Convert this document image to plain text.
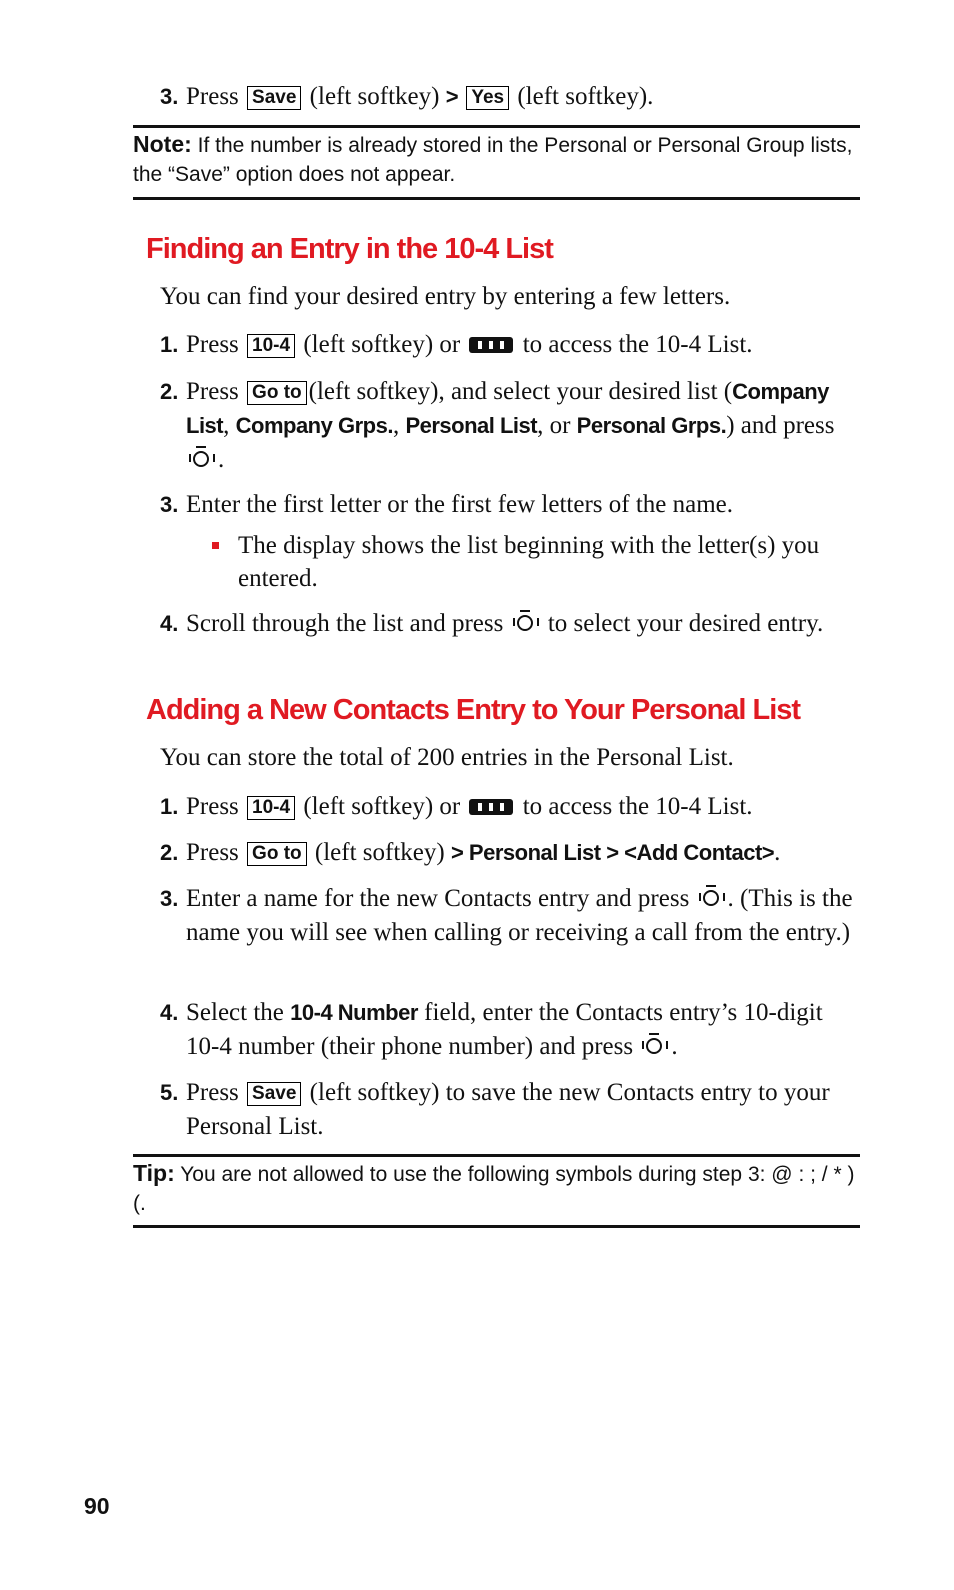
3. Press Save (left softkey) > Yes (left softkey).
Note: If the number is already stored in the Personal or Personal Group lists, the “Save” option does not appear.
Finding an Entry in the 10-4 List
You can find your desired entry by entering a few letters.
1. Press 10-4 (left softkey) or	to access the 10-4 List.
2. Press Go to (left softkey), and select your desired list (Company List, Company Grps., Personal List, or Personal Grps.) and press
.
3. Enter the first letter or the first few letters of the name.
The display shows the list beginning with the letter(s) you entered.
4. Scroll through the list and press to select your desired entry.
Adding a New Contacts Entry to Your Personal List
You can store the total of 200 entries in the Personal List.
1. Press 10-4 (left softkey) or	to access the 10-4 List.
2. Press Go to (left softkey) > Personal List > <Add Contact>.
3. Enter a name for the new Contacts entry and press . (This is the name you will see when calling or receiving a call from the entry.)
4. Select the 10-4 Number field, enter the Contacts entry’s 10-digit 10-4 number (their phone number) and press .
5. Press Save (left softkey) to save the new Contacts entry to your Personal List.
Tip: You are not allowed to use the following symbols during step 3: @ : ; / * ) (.
90
